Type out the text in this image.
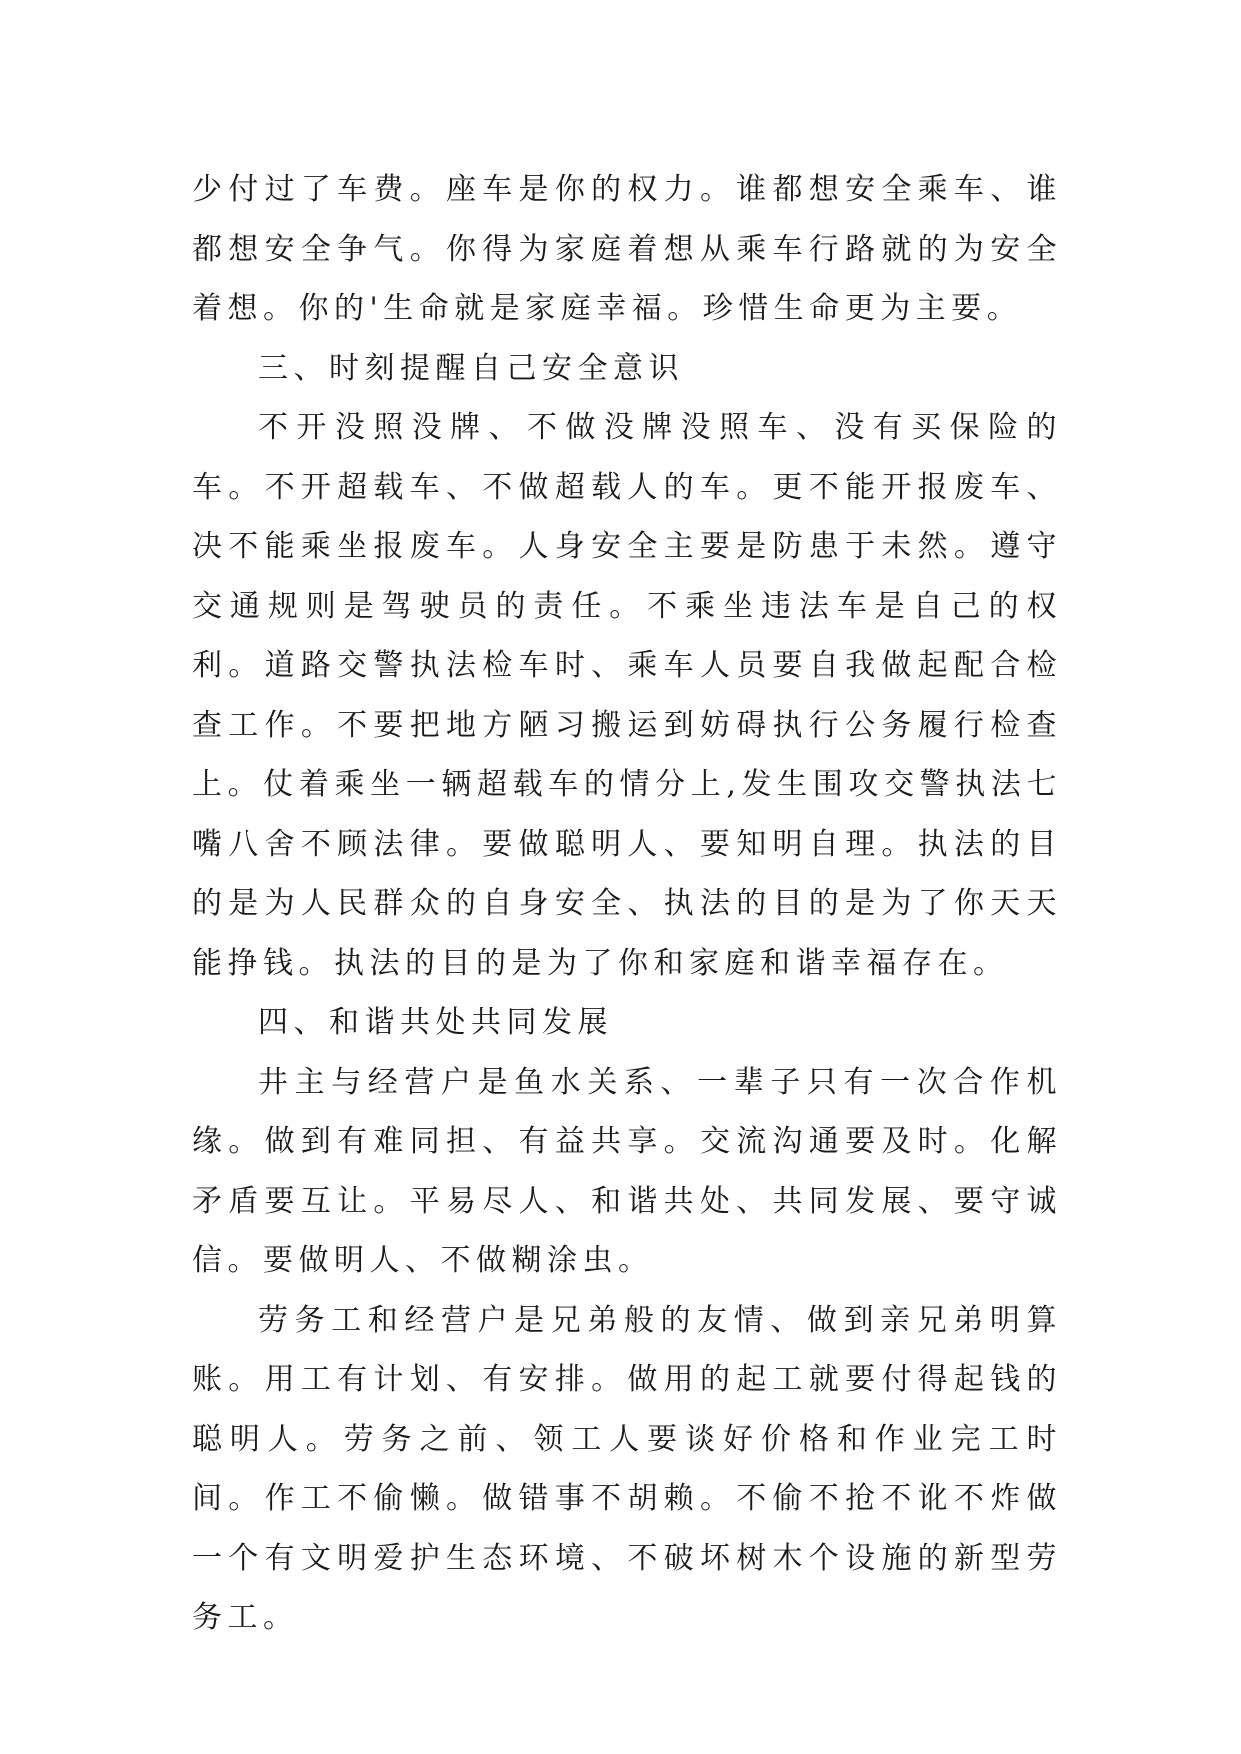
少付过了车费。座车是你的权力。谁都想安全乘车、谁都想安全争气。你得为家庭着想从乘车行路就的为安全着想。你的'生命就是家庭幸福。珍惜生命更为主要。

三、时刻提醒自己安全意识

不开没照没牌、不做没牌没照车、没有买保险的车。不开超载车、不做超载人的车。更不能开报废车、决不能乘坐报废车。人身安全主要是防患于未然。遵守交通规则是驾驶员的责任。不乘坐违法车是自己的权利。道路交警执法检车时、乘车人员要自我做起配合检查工作。不要把地方陋习搬运到妨碍执行公务履行检查上。仗着乘坐一辆超载车的情分上,发生围攻交警执法七嘴八舍不顾法律。要做聪明人、要知明自理。执法的目的是为人民群众的自身安全、执法的目的是为了你天天能挣钱。执法的目的是为了你和家庭和谐幸福存在。

四、和谐共处共同发展

井主与经营户是鱼水关系、一辈子只有一次合作机缘。做到有难同担、有益共享。交流沟通要及时。化解矛盾要互让。平易尽人、和谐共处、共同发展、要守诚信。要做明人、不做糊涂虫。

劳务工和经营户是兄弟般的友情、做到亲兄弟明算账。用工有计划、有安排。做用的起工就要付得起钱的聪明人。劳务之前、领工人要谈好价格和作业完工时间。作工不偷懒。做错事不胡赖。不偷不抢不讹不炸做一个有文明爱护生态环境、不破坏树木个设施的新型劳务工。
